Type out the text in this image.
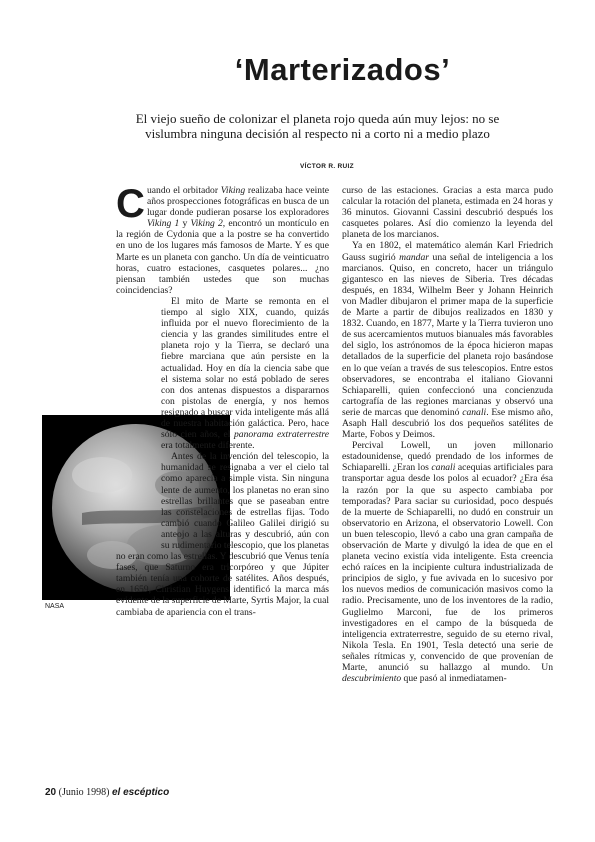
‘Marterizados’

El viejo sueño de colonizar el planeta rojo queda aún muy lejos: no se vislumbra ninguna decisión al respecto ni a corto ni a medio plazo

VÍCTOR R. RUIZ
NASA

Cuando el orbitador Viking realizaba hace veinte años prospecciones fotográficas en busca de un lugar donde pudieran posarse los exploradores Viking 1 y Viking 2, encontró un montículo en la región de Cydonia que a la postre se ha convertido en uno de los lugares más famosos de Marte. Y es que Marte es un planeta con gancho. Un día de veinticuatro horas, cuatro estaciones, casquetes polares... ¿no piensan también ustedes que son muchas coincidencias?

El mito de Marte se remonta en el tiempo al siglo XIX, cuando, quizás influida por el nuevo florecimiento de la ciencia y las grandes similitudes entre el planeta rojo y la Tierra, se declaró una fiebre marciana que aún persiste en la actualidad. Hoy en día la ciencia sabe que el sistema solar no está poblado de seres con dos antenas dispuestos a dispararnos con pistolas de energía, y nos hemos resignado a buscar vida inteligente más allá de nuestra habitación galáctica. Pero, hace sólo cien años, el panorama extraterrestre era totalmente diferente.

Antes de la invención del telescopio, la humanidad se resignaba a ver el cielo tal como aparecía a simple vista. Sin ninguna lente de aumento, los planetas no eran sino estrellas brillantes que se paseaban entre las constelaciones de estrellas fijas. Todo cambió cuando Galileo Galilei dirigió su anteojo a las alturas y descubrió, aún con su rudimentario telescopio, que los planetas no eran como las estrellas. Y descubrió que Venus tenía fases, que Saturno era tricorpóreo y que Júpiter también tenía una cohorte de satélites. Años después, en 1659, Christian Huygens identificó la marca más evidente de la superficie de Marte, Syrtis Major, la cual cambiaba de apariencia con el trans-

curso de las estaciones. Gracias a esta marca pudo calcular la rotación del planeta, estimada en 24 horas y 36 minutos. Giovanni Cassini descubrió después los casquetes polares. Así dio comienzo la leyenda del planeta de los marcianos.

Ya en 1802, el matemático alemán Karl Friedrich Gauss sugirió mandar una señal de inteligencia a los marcianos. Quiso, en concreto, hacer un triángulo gigantesco en las nieves de Siberia. Tres décadas después, en 1834, Wilhelm Beer y Johann Heinrich von Madler dibujaron el primer mapa de la superficie de Marte a partir de dibujos realizados en 1830 y 1832. Cuando, en 1877, Marte y la Tierra tuvieron uno de sus acercamientos mutuos bianuales más favorables del siglo, los astrónomos de la época hicieron mapas detallados de la superficie del planeta rojo basándose en lo que veían a través de sus telescopios. Entre estos observadores, se encontraba el italiano Giovanni Schiaparelli, quien confeccionó una concienzuda cartografía de las regiones marcianas y observó una serie de marcas que denominó canali. Ese mismo año, Asaph Hall descubrió los dos pequeños satélites de Marte, Fobos y Deimos.

Percival Lowell, un joven millonario estadounidense, quedó prendado de los informes de Schiaparelli. ¿Eran los canali acequias artificiales para transportar agua desde los polos al ecuador? ¿Era ésa la razón por la que su aspecto cambiaba por temporadas? Para saciar su curiosidad, poco después de la muerte de Schiaparelli, no dudó en construir un observatorio en Arizona, el observatorio Lowell. Con un buen telescopio, llevó a cabo una gran campaña de observación de Marte y divulgó la idea de que en el planeta vecino existía vida inteligente. Esta creencia echó raíces en la incipiente cultura industrializada de principios de siglo, y fue avivada en lo sucesivo por los nuevos medios de comunicación masivos como la radio. Precisamente, uno de los inventores de la radio, Guglielmo Marconi, fue de los primeros investigadores en el campo de la búsqueda de inteligencia extraterrestre, seguido de su eterno rival, Nikola Tesla. En 1901, Tesla detectó una serie de señales rítmicas y, convencido de que provenían de Marte, anunció su hallazgo al mundo. Un descubrimiento que pasó al inmediatamen-

20 (Junio 1998) el escéptico
